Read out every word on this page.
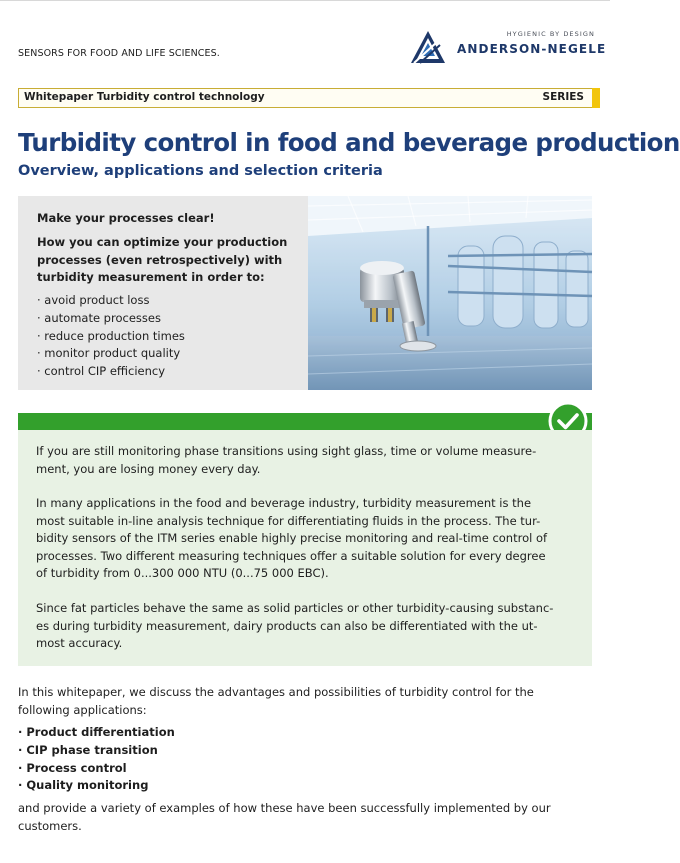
SENSORS FOR FOOD AND LIFE SCIENCES.
HYGIENIC BY DESIGN
ANDERSON-NEGELE
Whitepaper Turbidity control technology	SERIES
Turbidity control in food and beverage production
Overview, applications and selection criteria
Make your processes clear!
How you can optimize your production processes (even retrospectively) with turbidity measurement in order to:
· avoid product loss
· automate processes
· reduce production times
· monitor product quality
· control CIP efficiency

If you are still monitoring phase transitions using sight glass, time or volume measure-ment, you are losing money every day.

In many applications in the food and beverage industry, turbidity measurement is the most suitable in-line analysis technique for differentiating fluids in the process. The tur-bidity sensors of the ITM series enable highly precise monitoring and real-time control of processes. Two different measuring techniques offer a suitable solution for every degree of turbidity from 0...300 000 NTU (0...75 000 EBC).

Since fat particles behave the same as solid particles or other turbidity-causing substanc-es during turbidity measurement, dairy products can also be differentiated with the ut-most accuracy.

In this whitepaper, we discuss the advantages and possibilities of turbidity control for the following applications:

· Product differentiation
· CIP phase transition
· Process control
· Quality monitoring

and provide a variety of examples of how these have been successfully implemented by our customers.
